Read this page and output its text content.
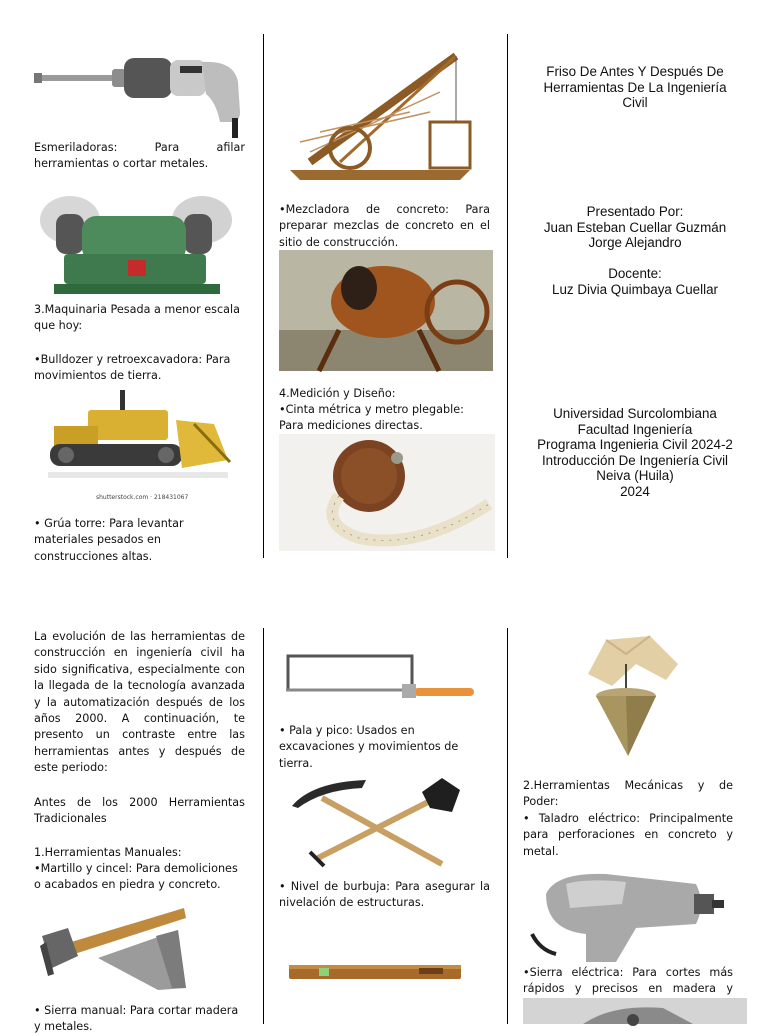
Esmeriladoras: Para afilar herramientas o cortar metales.
3.Maquinaria Pesada a menor escala que hoy:
•Bulldozer y retroexcavadora: Para movimientos de tierra.
shutterstock.com · 218431067
• Grúa torre: Para levantar materiales pesados en construcciones altas.
•Mezcladora de concreto: Para preparar mezclas de concreto en el sitio de construcción.
4.Medición y Diseño:
•Cinta métrica y metro plegable: Para mediciones directas.
Friso De Antes Y Después De
Herramientas De La Ingeniería
Civil
Presentado Por:
Juan Esteban Cuellar Guzmán
Jorge Alejandro
Docente:
Luz Divia Quimbaya Cuellar
Universidad Surcolombiana
Facultad Ingeniería
Programa Ingenieria Civil 2024-2
Introducción De Ingeniería Civil
Neiva (Huila)
2024
La evolución de las herramientas de construcción en ingeniería civil ha sido significativa, especialmente con la llegada de la tecnología avanzada y la automatización después de los años 2000. A continuación, te presento un contraste entre las herramientas antes y después de este periodo:
Antes de los 2000 Herramientas Tradicionales
1.Herramientas Manuales:
•Martillo y cincel: Para demoliciones o acabados en piedra y concreto.
• Sierra manual: Para cortar madera y metales.
• Pala y pico: Usados en excavaciones y movimientos de tierra.
• Nivel de burbuja: Para asegurar la nivelación de estructuras.
2.Herramientas Mecánicas y de Poder:
• Taladro eléctrico: Principalmente para perforaciones en concreto y metal.
•Sierra eléctrica: Para cortes más rápidos y precisos en madera y
